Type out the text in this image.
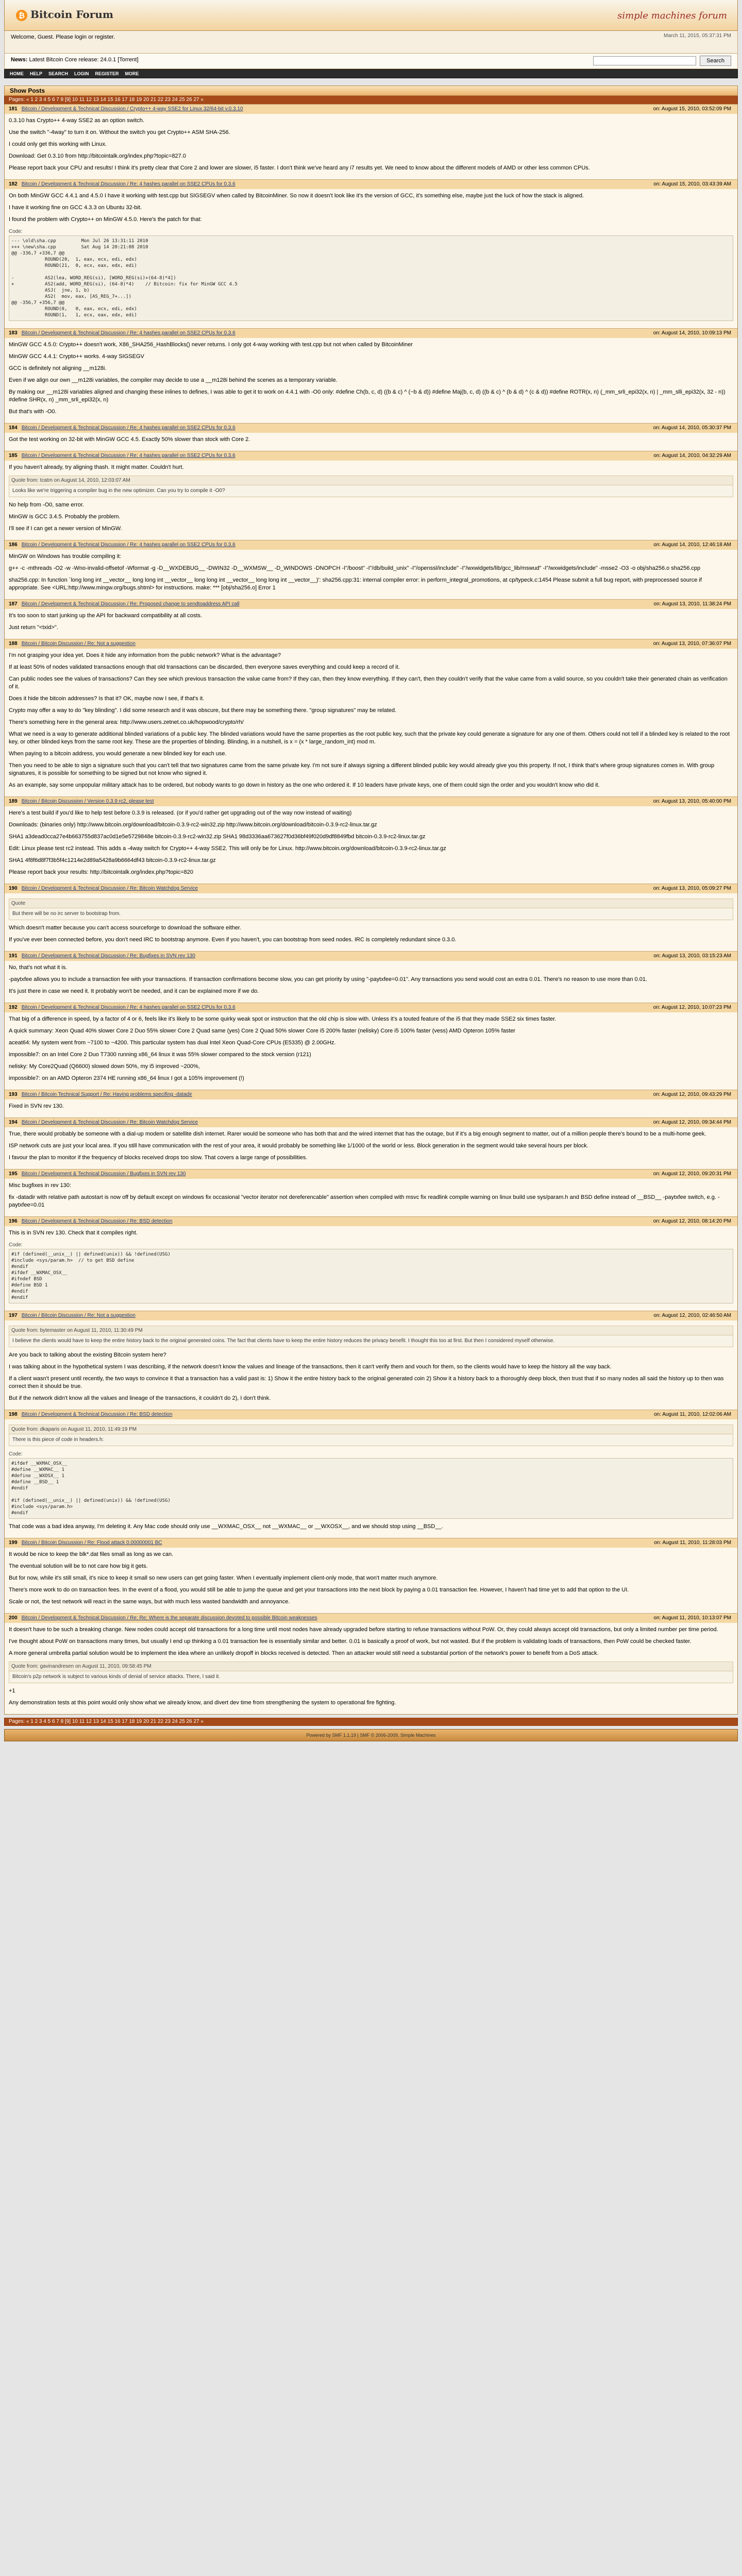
₿ Bitcoin Forum	simple machines forum
March 11, 2015, 05:37:31 PM
Welcome, Guest. Please login or register.
News: Latest Bitcoin Core release: 24.0.1 [Torrent]	Search
HOME HELP SEARCH LOGIN REGISTER MORE
Show Posts
Pages: « 1 2 3 4 5 6 7 8 [9] 10 11 12 13 14 15 16 17 18 19 20 21 22 23 24 25 26 27 »
181 Bitcoin / Development & Technical Discussion / Crypto++ 4-way SSE2 for Linux 32/64-bit v.0.3.10	on: August 15, 2010, 03:52:09 PM

0.3.10 has Crypto++ 4-way SSE2 as an option switch.

Use the switch "-4way" to turn it on. Without the switch you get Crypto++ ASM SHA-256.

I could only get this working with Linux.

Download: Get 0.3.10 from http://bitcointalk.org/index.php?topic=827.0

Please report back your CPU and results! I think it's pretty clear that Core 2 and lower are slower, i5 faster. I don't think we've heard any i7 results yet. We need to know about the different models of AMD or other less common CPUs.

182 Bitcoin / Development & Technical Discussion / Re: 4 hashes parallel on SSE2 CPUs for 0.3.6	on: August 15, 2010, 03:43:39 AM

On both MinGW GCC 4.4.1 and 4.5.0 I have it working with test.cpp but SIGSEGV when called by BitcoinMiner. So now it doesn't look like it's the version of GCC, it's something else, maybe just the luck of how the stack is aligned.

I have it working fine on GCC 4.3.3 on Ubuntu 32-bit.

I found the problem with Crypto++ on MinGW 4.5.0. Here's the patch for that:

Code:
--- \old\sha.cpp         Mon Jul 26 13:31:11 2010
+++ \new\sha.cpp         Sat Aug 14 20:21:08 2010
@@ -336,7 +336,7 @@
ROUND(20,  1, eax, ecx, edi, edx)
ROUND(21,  0, ecx, eax, edx, edi)

-           AS2(lea, WORD_REG(si), [WORD_REG(si)+(64-8)*4])
+           AS2(add, WORD_REG(si), (64-8)*4)    // Bitcoin: fix for MinGW GCC 4.5
ASJ(  jne, 1, b)
AS2(  mov, eax, [AS_REG_7+...])
@@ -356,7 +356,7 @@
ROUND(0,   0, eax, ecx, edi, edx)
ROUND(1,   1, ecx, eax, edx, edi)
183 Bitcoin / Development & Technical Discussion / Re: 4 hashes parallel on SSE2 CPUs for 0.3.6	on: August 14, 2010, 10:09:13 PM

MinGW GCC 4.5.0: Crypto++ doesn't work, X86_SHA256_HashBlocks() never returns. I only got 4-way working with test.cpp but not when called by BitcoinMiner

MinGW GCC 4.4.1: Crypto++ works. 4-way SIGSEGV

GCC is definitely not aligning __m128i.

Even if we align our own __m128i variables, the compiler may decide to use a __m128i behind the scenes as a temporary variable.

By making our __m128i variables aligned and changing these inlines to defines, I was able to get it to work on 4.4.1 with -O0 only: #define Ch(b, c, d) ((b & c) ^ (~b & d)) #define Maj(b, c, d) ((b & c) ^ (b & d) ^ (c & d)) #define ROTR(x, n) (_mm_srli_epi32(x, n) | _mm_slli_epi32(x, 32 - n)) #define SHR(x, n) _mm_srli_epi32(x, n)

But that's with -O0.

184 Bitcoin / Development & Technical Discussion / Re: 4 hashes parallel on SSE2 CPUs for 0.3.6	on: August 14, 2010, 05:30:37 PM

Got the test working on 32-bit with MinGW GCC 4.5. Exactly 50% slower than stock with Core 2.

185 Bitcoin / Development & Technical Discussion / Re: 4 hashes parallel on SSE2 CPUs for 0.3.6	on: August 14, 2010, 04:32:29 AM

If you haven't already, try aligning thash. It might matter. Couldn't hurt.

Quote from: tcatm on August 14, 2010, 12:03:07 AM
Looks like we're triggering a compiler bug in the new optimizer. Can you try to compile it -O0?

No help from -O0, same error.

MinGW is GCC 3.4.5. Probably the problem.

I'll see if I can get a newer version of MinGW.

186 Bitcoin / Development & Technical Discussion / Re: 4 hashes parallel on SSE2 CPUs for 0.3.6	on: August 14, 2010, 12:46:18 AM

MinGW on Windows has trouble compiling it:

g++ -c -mthreads -O2 -w -Wno-invalid-offsetof -Wformat -g -D__WXDEBUG__ -DWIN32 -D__WXMSW__ -D_WINDOWS -DNOPCH -I"/boost" -I"/db/build_unix" -I"/openssl/include" -I"/wxwidgets/lib/gcc_lib/mswud" -I"/wxwidgets/include" -msse2 -O3 -o obj/sha256.o sha256.cpp

sha256.cpp: In function `long long int __vector__ long long int __vector__ long long int __vector__ long long int __vector__)': sha256.cpp:31: internal compiler error: in perform_integral_promotions, at cp/typeck.c:1454 Please submit a full bug report, with preprocessed source if appropriate. See <URL:http://www.mingw.org/bugs.shtml> for instructions. make: *** [obj/sha256.o] Error 1

187 Bitcoin / Development & Technical Discussion / Re: Proposed change to sendtoaddress API call	on: August 13, 2010, 11:38:24 PM

It's too soon to start junking up the API for backward compatibility at all costs.

Just return "<txid>".

188 Bitcoin / Bitcoin Discussion / Re: Not a suggestion	on: August 13, 2010, 07:36:07 PM

I'm not grasping your idea yet. Does it hide any information from the public network? What is the advantage?

If at least 50% of nodes validated transactions enough that old transactions can be discarded, then everyone saves everything and could keep a record of it.

Can public nodes see the values of transactions? Can they see which previous transaction the value came from? If they can, then they know everything. If they can't, then they couldn't verify that the value came from a valid source, so you couldn't take their generated chain as verification of it.

Does it hide the bitcoin addresses? Is that it? OK, maybe now I see, if that's it.

Crypto may offer a way to do "key blinding". I did some research and it was obscure, but there may be something there. "group signatures" may be related.

There's something here in the general area: http://www.users.zetnet.co.uk/hopwood/crypto/rh/

What we need is a way to generate additional blinded variations of a public key. The blinded variations would have the same properties as the root public key, such that the private key could generate a signature for any one of them. Others could not tell if a blinded key is related to the root key, or other blinded keys from the same root key. These are the properties of blinding. Blinding, in a nutshell, is x = (x * large_random_int) mod m.

When paying to a bitcoin address, you would generate a new blinded key for each use.

Then you need to be able to sign a signature such that you can't tell that two signatures came from the same private key. I'm not sure if always signing a different blinded public key would already give you this property. If not, I think that's where group signatures comes in. With group signatures, it is possible for something to be signed but not know who signed it.

As an example, say some unpopular military attack has to be ordered, but nobody wants to go down in history as the one who ordered it. If 10 leaders have private keys, one of them could sign the order and you wouldn't know who did it.

189 Bitcoin / Bitcoin Discussion / Version 0.3.9 rc2, please test	on: August 13, 2010, 05:40:00 PM

Here's a test build if you'd like to help test before 0.3.9 is released. (or if you'd rather get upgrading out of the way now instead of waiting)

Downloads: (binaries only) http://www.bitcoin.org/download/bitcoin-0.3.9-rc2-win32.zip http://www.bitcoin.org/download/bitcoin-0.3.9-rc2-linux.tar.gz

SHA1 a3dead0cca27e4b663755d837ac0d1e5e5729848e bitcoin-0.3.9-rc2-win32.zip SHA1 98d3336aa673627f0d36bf49f020d9df8849fbd bitcoin-0.3.9-rc2-linux.tar.gz

Edit: Linux please test rc2 instead. This adds a -4way switch for Crypto++ 4-way SSE2. This will only be for Linux. http://www.bitcoin.org/download/bitcoin-0.3.9-rc2-linux.tar.gz

SHA1 4f8f6d8f7f3b5f4c1214e2d89a5428a9b6664df43 bitcoin-0.3.9-rc2-linux.tar.gz

Please report back your results: http://bitcointalk.org/index.php?topic=820

190 Bitcoin / Development & Technical Discussion / Re: Bitcoin Watchdog Service	on: August 13, 2010, 05:09:27 PM
Quote
But there will be no irc server to bootstrap from.

Which doesn't matter because you can't access sourceforge to download the software either.

If you've ever been connected before, you don't need IRC to bootstrap anymore. Even if you haven't, you can bootstrap from seed nodes. IRC is completely redundant since 0.3.0.

191 Bitcoin / Development & Technical Discussion / Re: Bugfixes in SVN rev 130	on: August 13, 2010, 03:15:23 AM

No, that's not what it is.

-paytxfee allows you to include a transaction fee with your transactions. If transaction confirmations become slow, you can get priority by using "-paytxfee=0.01". Any transactions you send would cost an extra 0.01. There's no reason to use more than 0.01.

It's just there in case we need it. It probably won't be needed, and it can be explained more if we do.

192 Bitcoin / Development & Technical Discussion / Re: 4 hashes parallel on SSE2 CPUs for 0.3.6	on: August 12, 2010, 10:07:23 PM

That big of a difference in speed, by a factor of 4 or 6, feels like it's likely to be some quirky weak spot or instruction that the old chip is slow with. Unless it's a touted feature of the i5 that they made SSE2 six times faster.

A quick summary: Xeon Quad 40% slower Core 2 Duo 55% slower Core 2 Quad same (yes) Core 2 Quad 50% slower Core i5 200% faster (nelisky) Core i5 100% faster (vess) AMD Opteron 105% faster

aceat64: My system went from ~7100 to ~4200. This particular system has dual Intel Xeon Quad-Core CPUs (E5335) @ 2.00GHz.

impossible7: on an Intel Core 2 Duo T7300 running x86_64 linux it was 55% slower compared to the stock version (r121)

nelisky: My Core2Quad (Q6600) slowed down 50%, my i5 improved ~200%,

impossible7: on an AMD Opteron 2374 HE running x86_64 linux I got a 105% improvement (!)

193 Bitcoin / Bitcoin Technical Support / Re: Having problems specifing -datadir	on: August 12, 2010, 09:43:29 PM

Fixed in SVN rev 130.

194 Bitcoin / Development & Technical Discussion / Re: Bitcoin Watchdog Service	on: August 12, 2010, 09:34:44 PM

True, there would probably be someone with a dial-up modem or satellite dish internet. Rarer would be someone who has both that and the wired internet that has the outage, but if it's a big enough segment to matter, out of a million people there's bound to be a multi-home geek.

ISP network cuts are just your local area. If you still have communication with the rest of your area, it would probably be something like 1/1000 of the world or less. Block generation in the segment would take several hours per block.

I favour the plan to monitor if the frequency of blocks received drops too slow. That covers a large range of possibilities.

195 Bitcoin / Development & Technical Discussion / Bugfixes in SVN rev 130	on: August 12, 2010, 09:20:31 PM

Misc bugfixes in rev 130:

fix -datadir with relative path autostart is now off by default except on windows fix occasional "vector iterator not dereferencable" assertion when compiled with msvc fix readlink compile warning on linux build use sys/param.h and BSD define instead of __BSD__ -paytxfee switch, e.g. -paytxfee=0.01

196 Bitcoin / Development & Technical Discussion / Re: BSD detection	on: August 12, 2010, 08:14:20 PM

This is in SVN rev 130. Check that it compiles right.

Code:
#if (defined(__unix__) || defined(unix)) && !defined(USG)
#include <sys/param.h>  // to get BSD define
#endif
#ifdef __WXMAC_OSX__
#ifndef BSD
#define BSD 1
#endif
#endif
197 Bitcoin / Bitcoin Discussion / Re: Not a suggestion	on: August 12, 2010, 02:46:50 AM
Quote from: bytemaster on August 11, 2010, 11:30:49 PM
I believe the clients would have to keep the entire history back to the original generated coins. The fact that clients have to keep the entire history reduces the privacy benefit. I thought this too at first. But then I considered myself otherwise.

Are you back to talking about the existing Bitcoin system here?

I was talking about in the hypothetical system I was describing, if the network doesn't know the values and lineage of the transactions, then it can't verify them and vouch for them, so the clients would have to keep the history all the way back.

If a client wasn't present until recently, the two ways to convince it that a transaction has a valid past is: 1) Show it the entire history back to the original generated coin 2) Show it a history back to a thoroughly deep block, then trust that if so many nodes all said the history up to then was correct then it should be true.

But if the network didn't know all the values and lineage of the transactions, it couldn't do 2), I don't think.

198 Bitcoin / Development & Technical Discussion / Re: BSD detection	on: August 11, 2010, 12:02:06 AM
Quote from: dkaparis on August 11, 2010, 11:49:19 PM
There is this piece of code in headers.h:
Code:
#ifdef __WXMAC_OSX__
#define __WXMAC__ 1
#define __WXOSX__ 1
#define __BSD__ 1
#endif

#if (defined(__unix__) || defined(unix)) && !defined(USG)
#include <sys/param.h>
#endif

That code was a bad idea anyway, I'm deleting it. Any Mac code should only use __WXMAC_OSX__ not __WXMAC__ or __WXOSX__, and we should stop using __BSD__.

199 Bitcoin / Bitcoin Discussion / Re: Flood attack 0.00000001 BC	on: August 11, 2010, 11:28:03 PM

It would be nice to keep the blk*.dat files small as long as we can.

The eventual solution will be to not care how big it gets.

But for now, while it's still small, it's nice to keep it small so new users can get going faster. When I eventually implement client-only mode, that won't matter much anymore.

There's more work to do on transaction fees. In the event of a flood, you would still be able to jump the queue and get your transactions into the next block by paying a 0.01 transaction fee. However, I haven't had time yet to add that option to the UI.

Scale or not, the test network will react in the same ways, but with much less wasted bandwidth and annoyance.

200 Bitcoin / Development & Technical Discussion / Re: Re: Where is the separate discussion devoted to possible Bitcoin weaknesses	on: August 11, 2010, 10:13:07 PM

It doesn't have to be such a breaking change. New nodes could accept old transactions for a long time until most nodes have already upgraded before starting to refuse transactions without PoW. Or, they could always accept old transactions, but only a limited number per time period.

I've thought about PoW on transactions many times, but usually I end up thinking a 0.01 transaction fee is essentially similar and better. 0.01 is basically a proof of work, but not wasted. But if the problem is validating loads of transactions, then PoW could be checked faster.

A more general umbrella partial solution would be to implement the idea where an unlikely dropoff in blocks received is detected. Then an attacker would still need a substantial portion of the network's power to benefit from a DoS attack.

Quote from: gavinandresen on August 11, 2010, 09:58:45 PM
Bitcoin's p2p network is subject to various kinds of denial of service attacks. There, I said it.

+1

Any demonstration tests at this point would only show what we already know, and divert dev time from strengthening the system to operational fire fighting.

Pages: « 1 2 3 4 5 6 7 8 [9] 10 11 12 13 14 15 16 17 18 19 20 21 22 23 24 25 26 27 »
Powered by SMF 1.1.19 | SMF © 2006-2009, Simple Machines
